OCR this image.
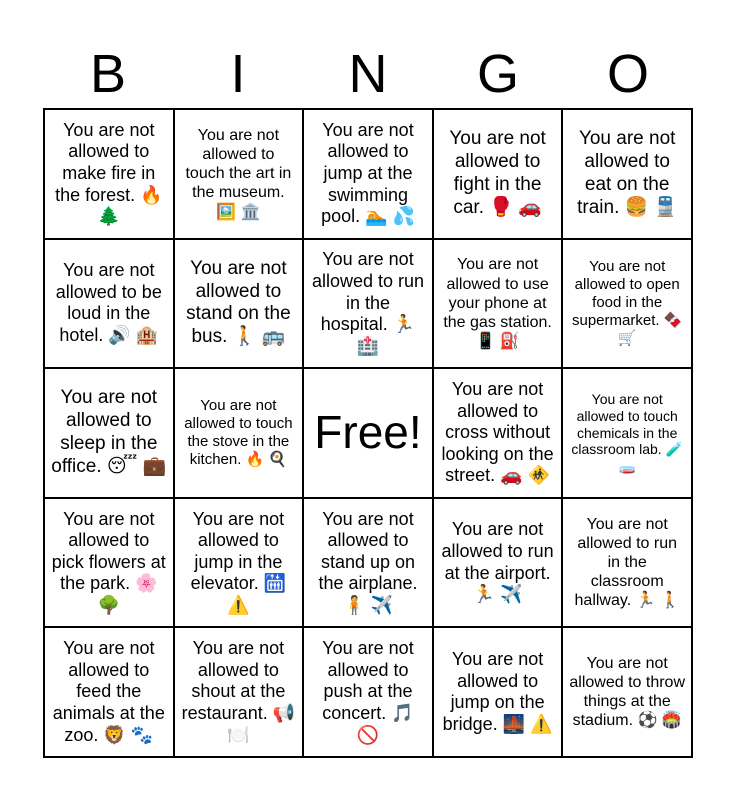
B	I	N	G	O
You are not allowed to make fire in the forest. 🔥 🌲
You are not allowed to touch the art in the museum. 🖼️ 🏛️
You are not allowed to jump at the swimming pool. 🏊 💦
You are not allowed to fight in the car. 🥊 🚗
You are not allowed to eat on the train. 🍔 🚆
You are not allowed to be loud in the hotel. 🔊 🏨
You are not allowed to stand on the bus. 🚶 🚌
You are not allowed to run in the hospital. 🏃 🏥
You are not allowed to use your phone at the gas station. 📱 ⛽
You are not allowed to open food in the supermarket. 🍫 🛒
You are not allowed to sleep in the office. 😴 💼
You are not allowed to touch the stove in the kitchen. 🔥 🍳
Free!
You are not allowed to cross without looking on the street. 🚗 🚸
You are not allowed to touch chemicals in the classroom lab. 🧪 🧫
You are not allowed to pick flowers at the park. 🌸 🌳
You are not allowed to jump in the elevator. 🛗 ⚠️
You are not allowed to stand up on the airplane. 🧍 ✈️
You are not allowed to run at the airport. 🏃 ✈️
You are not allowed to run in the classroom hallway. 🏃 🚶
You are not allowed to feed the animals at the zoo. 🦁 🐾
You are not allowed to shout at the restaurant. 📢 🍽️
You are not allowed to push at the concert. 🎵 🚫
You are not allowed to jump on the bridge. 🌉 ⚠️
You are not allowed to throw things at the stadium. ⚽ 🏟️
